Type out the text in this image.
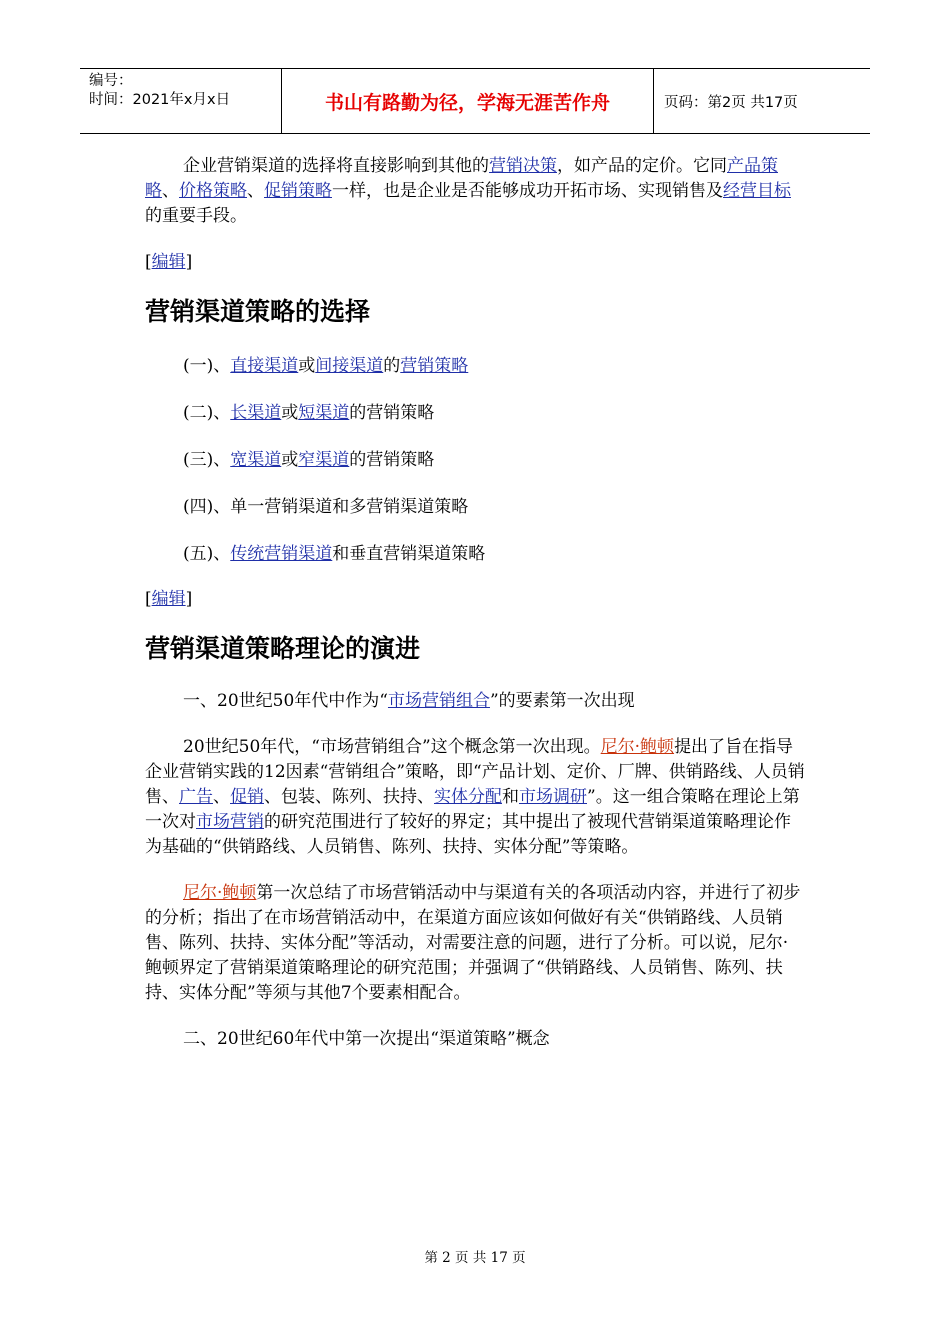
编号：
时间：2021年x月x日	书山有路勤为径，学海无涯苦作舟	页码：第2页 共17页

企业营销渠道的选择将直接影响到其他的营销决策，如产品的定价。它同产品策略、价格策略、促销策略一样，也是企业是否能够成功开拓市场、实现销售及经营目标的重要手段。

[编辑]
营销渠道策略的选择

(一)、直接渠道或间接渠道的营销策略

(二)、长渠道或短渠道的营销策略

(三)、宽渠道或窄渠道的营销策略

(四)、单一营销渠道和多营销渠道策略

(五)、传统营销渠道和垂直营销渠道策略

[编辑]
营销渠道策略理论的演进

一、20世纪50年代中作为“市场营销组合”的要素第一次出现

20世纪50年代，“市场营销组合”这个概念第一次出现。尼尔·鲍顿提出了旨在指导企业营销实践的12因素“营销组合”策略，即“产品计划、定价、厂牌、供销路线、人员销售、广告、促销、包装、陈列、扶持、实体分配和市场调研”。这一组合策略在理论上第一次对市场营销的研究范围进行了较好的界定；其中提出了被现代营销渠道策略理论作为基础的“供销路线、人员销售、陈列、扶持、实体分配”等策略。

尼尔·鲍顿第一次总结了市场营销活动中与渠道有关的各项活动内容，并进行了初步的分析；指出了在市场营销活动中，在渠道方面应该如何做好有关“供销路线、人员销售、陈列、扶持、实体分配”等活动，对需要注意的问题，进行了分析。可以说，尼尔·鲍顿界定了营销渠道策略理论的研究范围；并强调了“供销路线、人员销售、陈列、扶持、实体分配”等须与其他7个要素相配合。

二、20世纪60年代中第一次提出“渠道策略”概念

第 2 页 共 17 页
